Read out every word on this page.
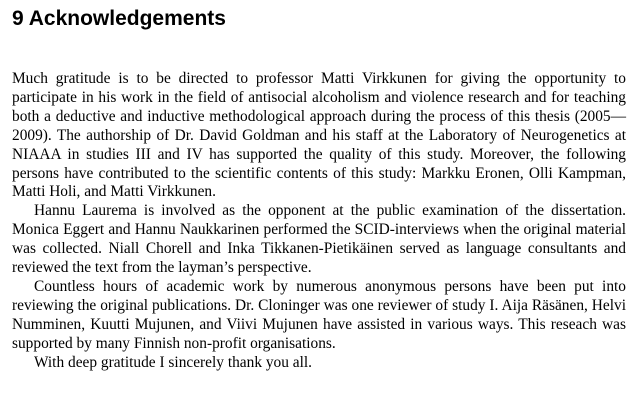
9 Acknowledgements

Much gratitude is to be directed to professor Matti Virkkunen for giving the opportunity to participate in his work in the field of antisocial alcoholism and violence research and for teaching both a deductive and inductive methodological approach during the process of this thesis (2005—2009). The authorship of Dr. David Goldman and his staff at the Laboratory of Neurogenetics at NIAAA in studies III and IV has supported the quality of this study. Moreover, the following persons have contributed to the scientific contents of this study: Markku Eronen, Olli Kampman, Matti Holi, and Matti Virkkunen.

Hannu Laurema is involved as the opponent at the public examination of the dissertation. Monica Eggert and Hannu Naukkarinen performed the SCID-interviews when the original material was collected. Niall Chorell and Inka Tikkanen-Pietikäinen served as language consultants and reviewed the text from the layman’s perspective.

Countless hours of academic work by numerous anonymous persons have been put into reviewing the original publications. Dr. Cloninger was one reviewer of study I. Aija Räsänen, Helvi Numminen, Kuutti Mujunen, and Viivi Mujunen have assisted in various ways. This reseach was supported by many Finnish non-profit organisations.

With deep gratitude I sincerely thank you all.
